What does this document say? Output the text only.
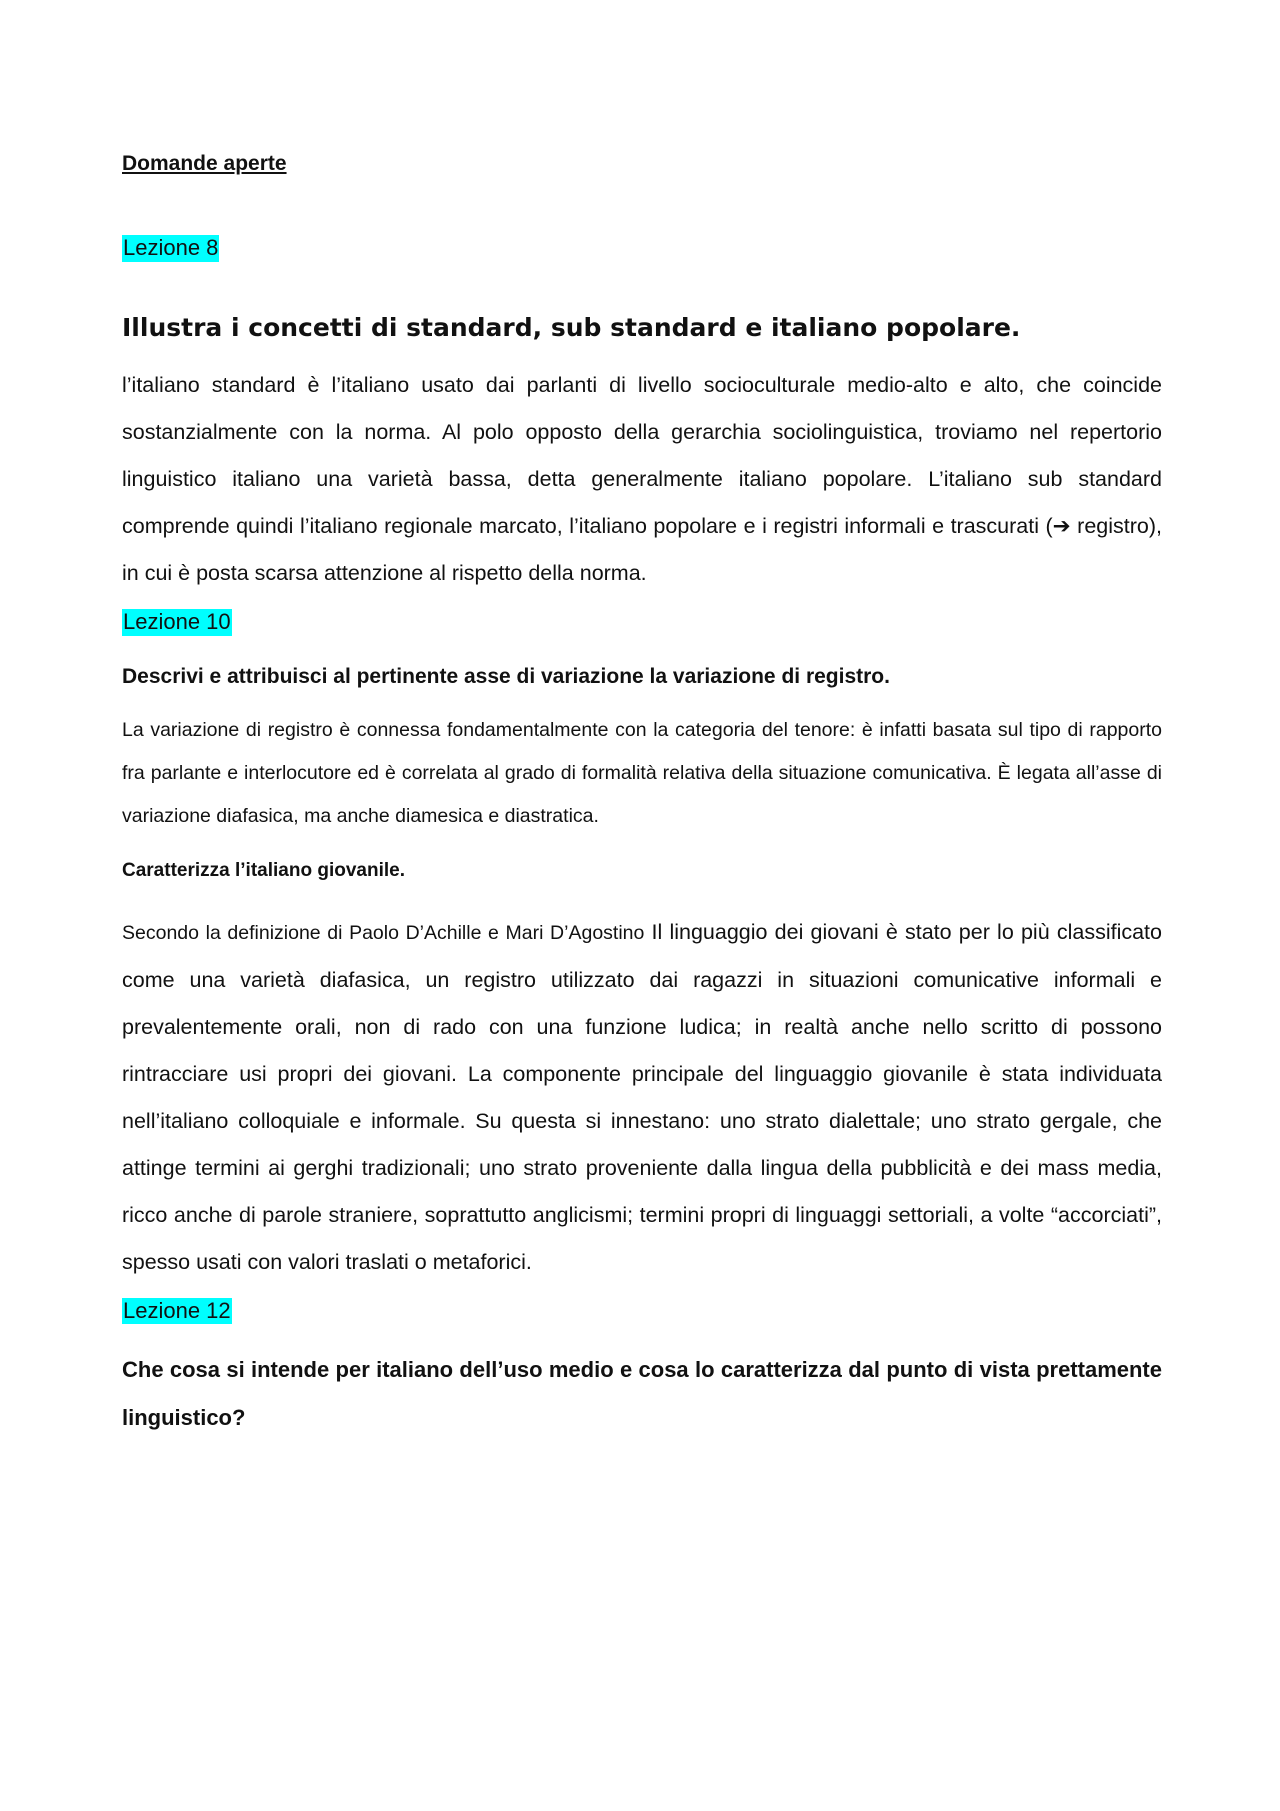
Domande aperte
Lezione 8
Illustra i concetti di standard, sub standard e italiano popolare.

l’italiano standard è l’italiano usato dai parlanti di livello socioculturale medio-alto e alto, che coincide sostanzialmente con la norma. Al polo opposto della gerarchia sociolinguistica, troviamo nel repertorio linguistico italiano una varietà bassa, detta generalmente italiano popolare. L’italiano sub standard comprende quindi l’italiano regionale marcato, l’italiano popolare e i registri informali e trascurati (➔ registro), in cui è posta scarsa attenzione al rispetto della norma.

Lezione 10
Descrivi e attribuisci al pertinente asse di variazione la variazione di registro.

La variazione di registro è connessa fondamentalmente con la categoria del tenore: è infatti basata sul tipo di rapporto fra parlante e interlocutore ed è correlata al grado di formalità relativa della situazione comunicativa. È legata all’asse di variazione diafasica, ma anche diamesica e diastratica.

Caratterizza l’italiano giovanile.

Secondo la definizione di Paolo D’Achille e Mari D’Agostino Il linguaggio dei giovani è stato per lo più classificato come una varietà diafasica, un registro utilizzato dai ragazzi in situazioni comunicative informali e prevalentemente orali, non di rado con una funzione ludica; in realtà anche nello scritto di possono rintracciare usi propri dei giovani. La componente principale del linguaggio giovanile è stata individuata nell’italiano colloquiale e informale. Su questa si innestano: uno strato dialettale; uno strato gergale, che attinge termini ai gerghi tradizionali; uno strato proveniente dalla lingua della pubblicità e dei mass media, ricco anche di parole straniere, soprattutto anglicismi; termini propri di linguaggi settoriali, a volte “accorciati”, spesso usati con valori traslati o metaforici.

Lezione 12
Che cosa si intende per italiano dell’uso medio e cosa lo caratterizza dal punto di vista prettamente linguistico?
